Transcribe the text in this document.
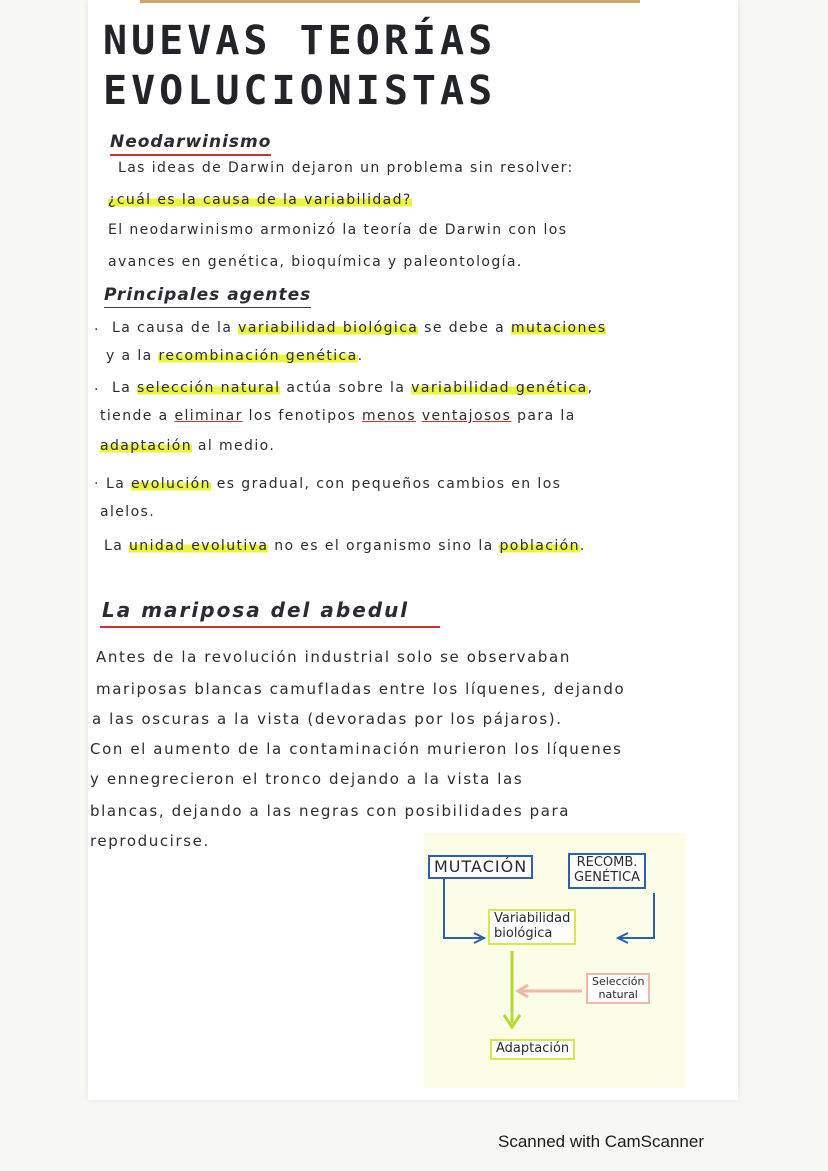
NUEVAS TEORÍAS
EVOLUCIONISTAS
Neodarwinismo
Las ideas de Darwin dejaron un problema sin resolver:
¿cuál es la causa de la variabilidad?
El neodarwinismo armonizó la teoría de Darwin con los
avances en genética, bioquímica y paleontología.
Principales agentes
· La causa de la variabilidad biológica se debe a mutaciones
y a la recombinación genética.
· La selección natural actúa sobre la variabilidad genética,
tiende a eliminar los fenotipos menos ventajosos para la
adaptación al medio.
· La evolución es gradual, con pequeños cambios en los
alelos.
La unidad evolutiva no es el organismo sino la población.
La mariposa del abedul
Antes de la revolución industrial solo se observaban
mariposas blancas camufladas entre los líquenes, dejando
a las oscuras a la vista (devoradas por los pájaros).
Con el aumento de la contaminación murieron los líquenes
y ennegrecieron el tronco dejando a la vista las
blancas, dejando a las negras con posibilidades para
reproducirse.
MUTACIÓN	RECOMB.
GENÉTICA
Variabilidad
biológica
Selección
natural
Adaptación
Scanned with CamScanner
